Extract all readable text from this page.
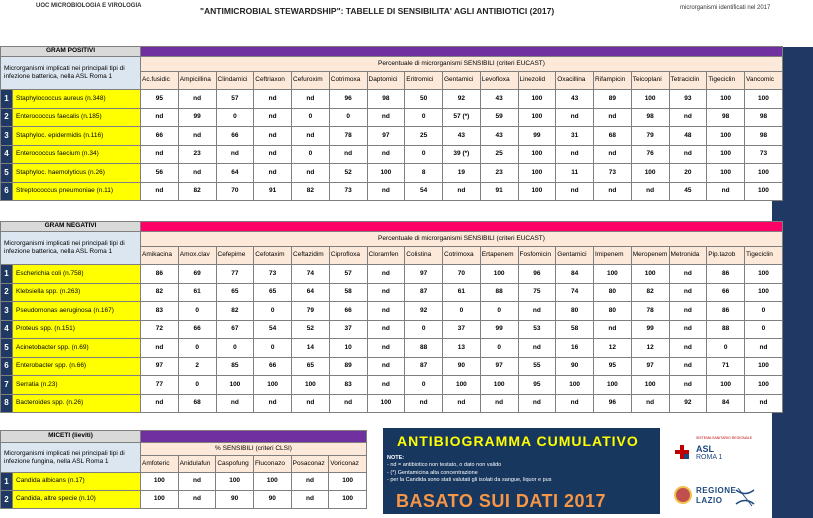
UOC MICROBIOLOGIA E VIROLOGIA	"ANTIMICROBIAL STEWARDSHIP": TABELLE DI SENSIBILITA' AGLI ANTIBIOTICI (2017)	microrganismi identificati nel 2017
GRAM POSITIVI																		
Microrganismi implicati nei principali tipi di infezione batterica, nella ASL Roma 1		Percentuale di microrganismi SENSIBILI (criteri EUCAST)																
		Ac.fusidic	Ampicillina	Clindamici	Ceftriaxon	Cefuroxim	Cotrimoxa	Daptomici	Eritromici	Gentamici	Levofloxa	Linezolid	Oxacillina	Rifampicin	Teicoplani	Tetraciclin	Tigeciclin	Vancomic
1	Staphylococcus aureus (n.348)	95	nd	57	nd	nd	96	98	50	92	43	100	43	89	100	93	100	100
2	Enterococcus faecalis (n.185)	nd	99	0	nd	0	0	nd	0	57 (*)	59	100	nd	nd	98	nd	98	98
3	Staphyloc. epidermidis (n.116)	66	nd	66	nd	nd	78	97	25	43	43	99	31	68	79	48	100	98
4	Enterococcus faecium (n.34)	nd	23	nd	nd	0	nd	nd	0	39 (*)	25	100	nd	nd	76	nd	100	73
5	Staphyloc. haemolyticus (n.26)	56	nd	64	nd	nd	52	100	8	19	23	100	11	73	100	20	100	100
6	Streptococcus pneumoniae (n.11)	nd	82	70	91	82	73	nd	54	nd	91	100	nd	nd	nd	45	nd	100
GRAM NEGATIVI																		
Microrganismi implicati nei principali tipi di infezione batterica, nella ASL Roma 1		Percentuale di microrganismi SENSIBILI (criteri EUCAST)																
		Amikacina	Amox.clav	Cefepime	Cefotaxim	Ceftazidim	Ciprofloxa	Cloramfen	Colistina	Cotrimoxa	Ertapenem	Fosfomicin	Gentamici	Imipenem	Meropenem	Metronida	Pip.tazob	Tigeciclin
1	Escherichia coli (n.758)	86	69	77	73	74	57	nd	97	70	100	96	84	100	100	nd	86	100
2	Klebsiella spp. (n.263)	82	61	65	65	64	58	nd	87	61	88	75	74	80	82	nd	66	100
3	Pseudomonas aeruginosa (n.167)	83	0	82	0	79	66	nd	92	0	0	nd	80	80	78	nd	86	0
4	Proteus spp. (n.151)	72	66	67	54	52	37	nd	0	37	99	53	58	nd	99	nd	88	0
5	Acinetobacter spp. (n.69)	nd	0	0	0	14	10	nd	88	13	0	nd	16	12	12	nd	0	nd
6	Enterobacter spp. (n.66)	97	2	85	66	65	89	nd	87	90	97	55	90	95	97	nd	71	100
7	Serratia (n.23)	77	0	100	100	100	83	nd	0	100	100	95	100	100	100	nd	100	100
8	Bacteroides spp. (n.26)	nd	68	nd	nd	nd	nd	100	nd	nd	nd	nd	nd	96	nd	92	84	nd
MICETI (lieviti)							
Microrganismi implicati nei principali tipi di infezione fungina, nella ASL Roma 1		% SENSIBILI (criteri CLSI)					
		Amfoteric	Anidulafun	Caspofung	Fluconazo	Posaconaz	Voriconaz
1	Candida albicans (n.17)	100	nd	100	100	nd	100
2	Candida, altre specie (n.10)	100	nd	90	90	nd	100
ANTIBIOGRAMMA CUMULATIVO
NOTE:
- nd = antibiotico non testato, o dato non valido
- (*) Gentamicina alta concentrazione
- per la Candida sono stati valutati gli isolati da sangue, liquor e pus
BASATO SUI DATI 2017
SISTEMA SANITARIO REGIONALE
ASL
ROMA 1
REGIONE
LAZIO
